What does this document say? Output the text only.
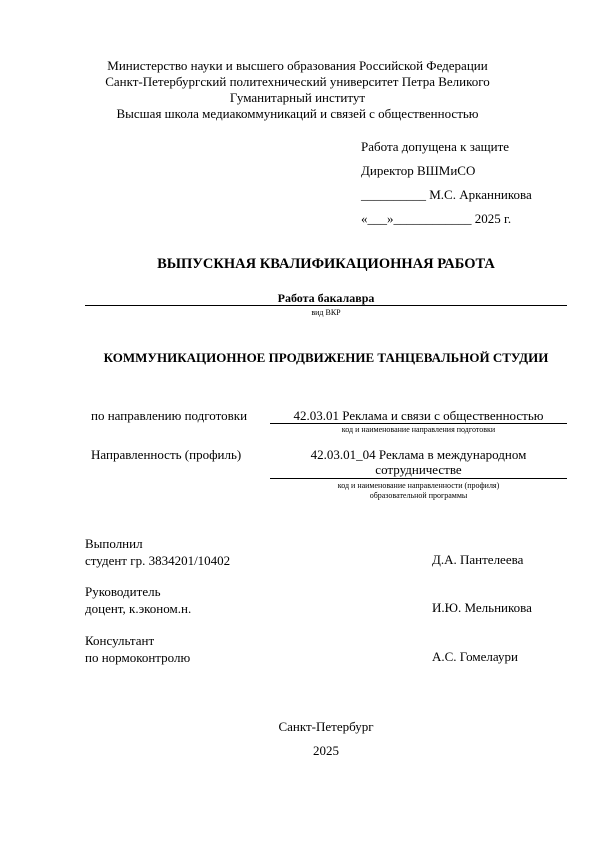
Министерство науки и высшего образования Российской Федерации
Санкт-Петербургский политехнический университет Петра Великого
Гуманитарный институт
Высшая школа медиакоммуникаций и связей с общественностью
Работа допущена к защите
Директор ВШМиСО
__________ М.С. Арканникова
«___»____________ 2025 г.
ВЫПУСКНАЯ КВАЛИФИКАЦИОННАЯ РАБОТА
Работа бакалавра
вид ВКР
КОММУНИКАЦИОННОЕ ПРОДВИЖЕНИЕ ТАНЦЕВАЛЬНОЙ СТУДИИ
по направлению подготовки	42.03.01 Реклама и связи с общественностью
код и наименование направления подготовки
Направленность (профиль)	42.03.01_04 Реклама в международном
сотрудничестве
код и наименование направленности (профиля)
образовательной программы
Выполнил
студент гр. 3834201/10402	Д.А. Пантелеева
Руководитель
доцент, к.эконом.н.	И.Ю. Мельникова
Консультант
по нормоконтролю	А.С. Гомелаури
Санкт-Петербург
2025
